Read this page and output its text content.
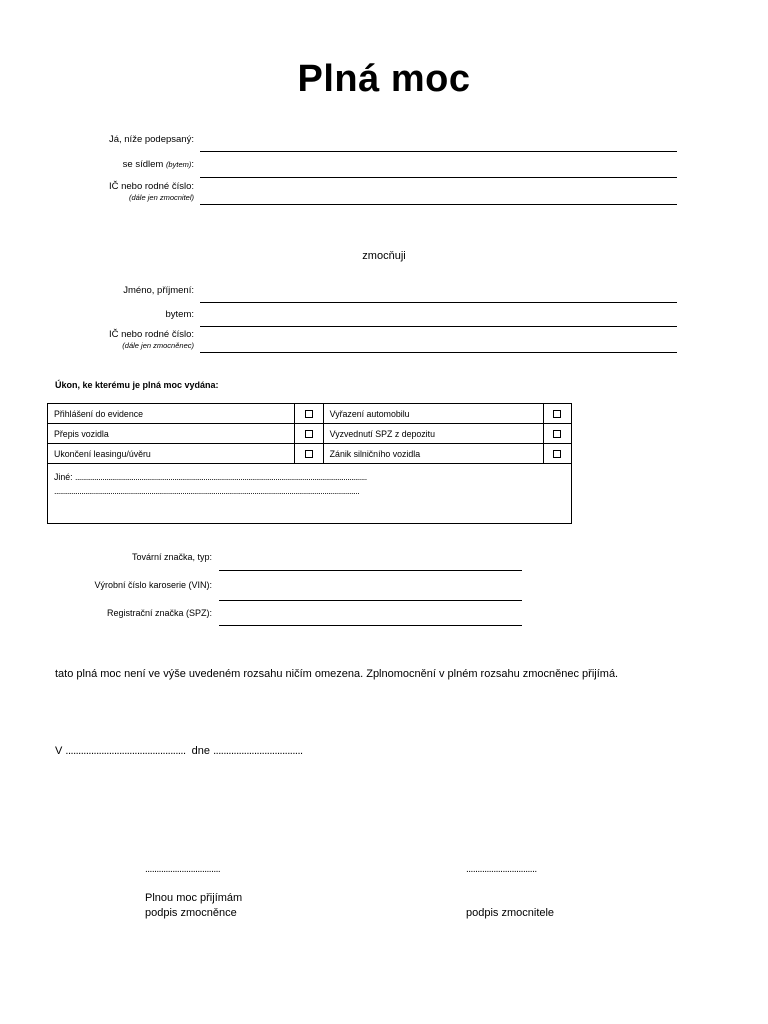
Plná moc
Já, níže podepsaný:
se sídlem (bytem):
IČ nebo rodné číslo:
(dále jen zmocnitel)
zmocňuji
Jméno, příjmení:
bytem:
IČ nebo rodné číslo:
(dále jen zmocněnec)
Úkon, ke kterému je plná moc vydána:
Přihlášení do evidence		Vyřazení automobilu	
Přepis vozidla		Vyzvednutí SPZ z depozitu	
Ukončení leasingu/úvěru		Zánik silničního vozidla	
Jiné: ......................................................................................................................................................
.............................................................................................................................................................			
Tovární značka, typ:
Výrobní číslo karoserie (VIN):
Registrační značka (SPZ):
tato plná moc není ve výše uvedeném rozsahu ničím omezena. Zplnomocnění v plném rozsahu zmocněnec přijímá.
V ............................................... dne ...................................
.................................	...............................
Plnou moc přijímám
podpis zmocněnce	podpis zmocnitele
